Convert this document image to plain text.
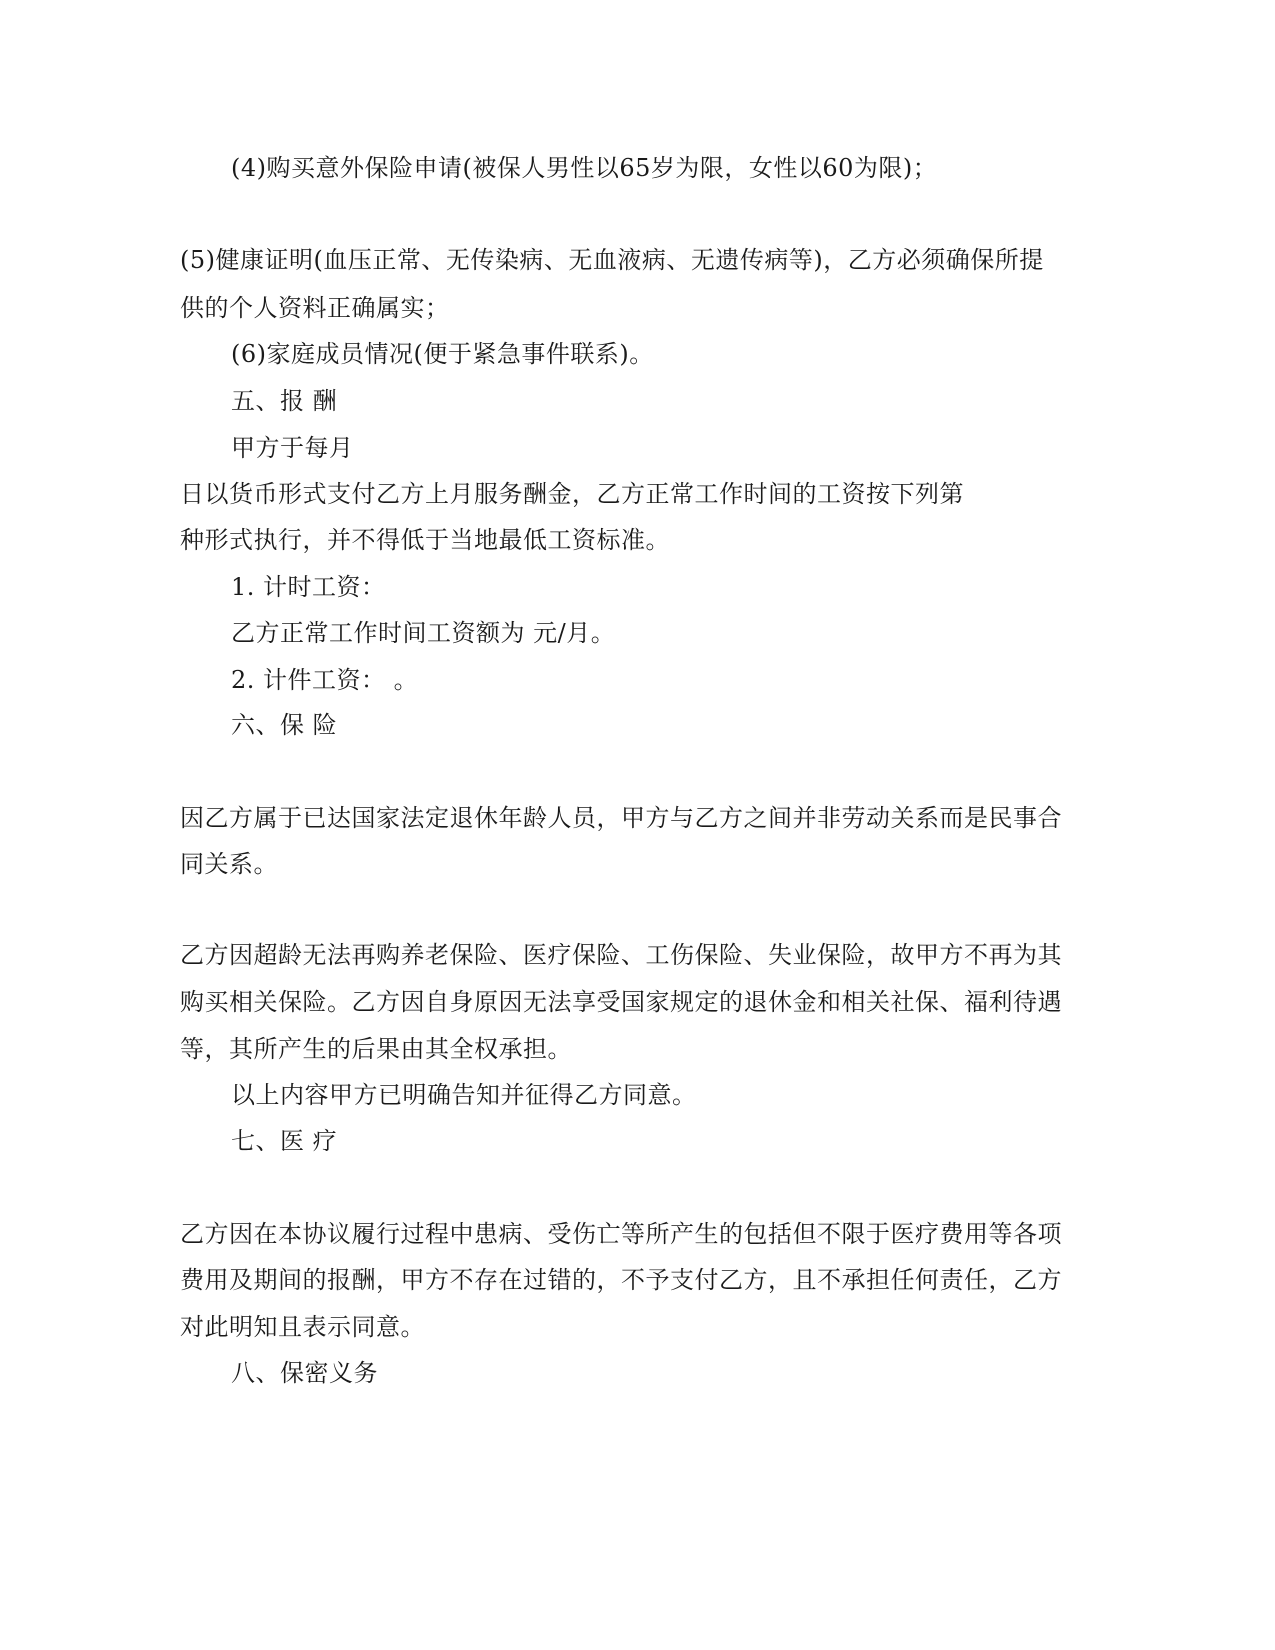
(4)购买意外保险申请(被保人男性以65岁为限，女性以60为限)；
(5)健康证明(血压正常、无传染病、无血液病、无遗传病等)，乙方必须确保所提
供的个人资料正确属实；
(6)家庭成员情况(便于紧急事件联系)。
五、报 酬
甲方于每月
日以货币形式支付乙方上月服务酬金，乙方正常工作时间的工资按下列第
种形式执行，并不得低于当地最低工资标准。
1. 计时工资：
乙方正常工作时间工资额为 元/月。
2. 计件工资： 。
六、保 险
因乙方属于已达国家法定退休年龄人员，甲方与乙方之间并非劳动关系而是民事合
同关系。
乙方因超龄无法再购养老保险、医疗保险、工伤保险、失业保险，故甲方不再为其
购买相关保险。乙方因自身原因无法享受国家规定的退休金和相关社保、福利待遇
等，其所产生的后果由其全权承担。
以上内容甲方已明确告知并征得乙方同意。
七、医 疗
乙方因在本协议履行过程中患病、受伤亡等所产生的包括但不限于医疗费用等各项
费用及期间的报酬，甲方不存在过错的，不予支付乙方，且不承担任何责任，乙方
对此明知且表示同意。
八、保密义务
